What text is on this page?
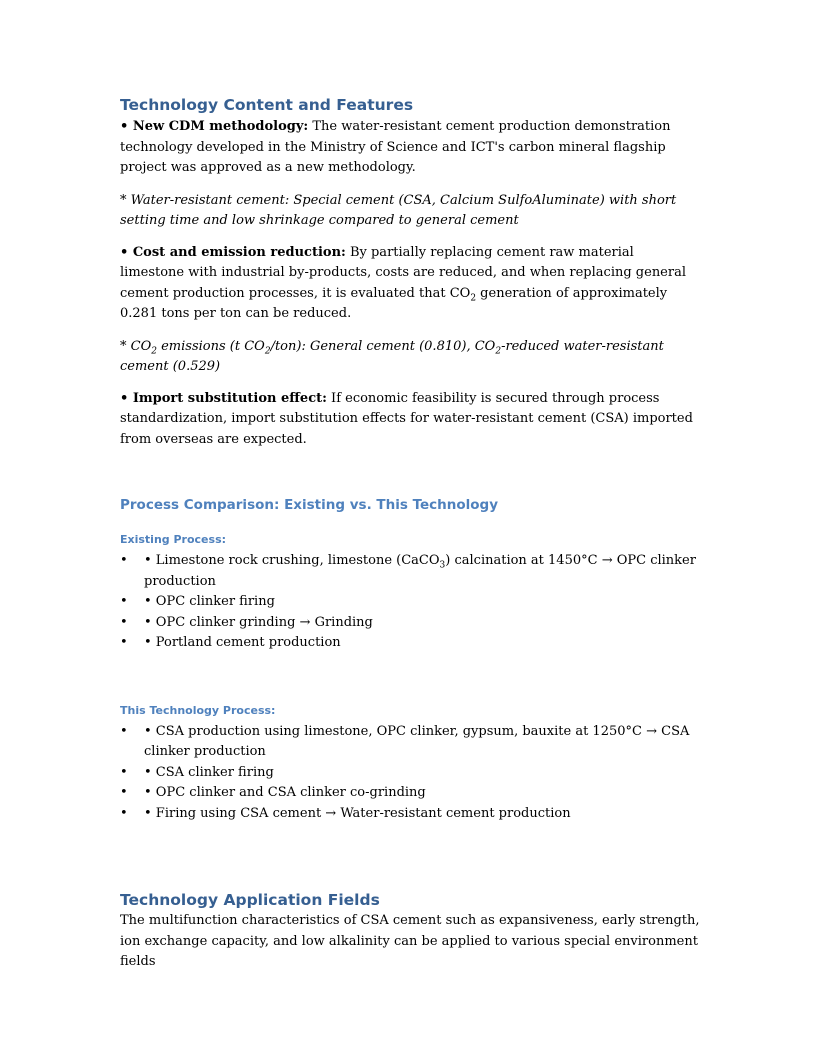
Technology Content and Features

• New CDM methodology: The water-resistant cement production demonstration technology developed in the Ministry of Science and ICT's carbon mineral flagship project was approved as a new methodology.

* Water-resistant cement: Special cement (CSA, Calcium SulfoAluminate) with short setting time and low shrinkage compared to general cement

• Cost and emission reduction: By partially replacing cement raw material limestone with industrial by-products, costs are reduced, and when replacing general cement production processes, it is evaluated that $CO_2$ generation of approximately 0.281 tons per ton can be reduced.

* $CO_2$ emissions (t $CO_2/ton$): General cement (0.810), $CO_2$-reduced water-resistant cement (0.529)

• Import substitution effect: If economic feasibility is secured through process standardization, import substitution effects for water-resistant cement (CSA) imported from overseas are expected.

Process Comparison: Existing vs. This Technology
Existing Process:
• • Limestone rock crushing, limestone (CaCO$_3$) calcination at 1450°C → OPC clinker production
• • OPC clinker firing
• • OPC clinker grinding → Grinding
• • Portland cement production
This Technology Process:
• • CSA production using limestone, OPC clinker, gypsum, bauxite at 1250°C → CSA clinker production
• • CSA clinker firing
• • OPC clinker and CSA clinker co-grinding
• • Firing using CSA cement → Water-resistant cement production
Technology Application Fields

The multifunction characteristics of CSA cement such as expansiveness, early strength, ion exchange capacity, and low alkalinity can be applied to various special environment fields
